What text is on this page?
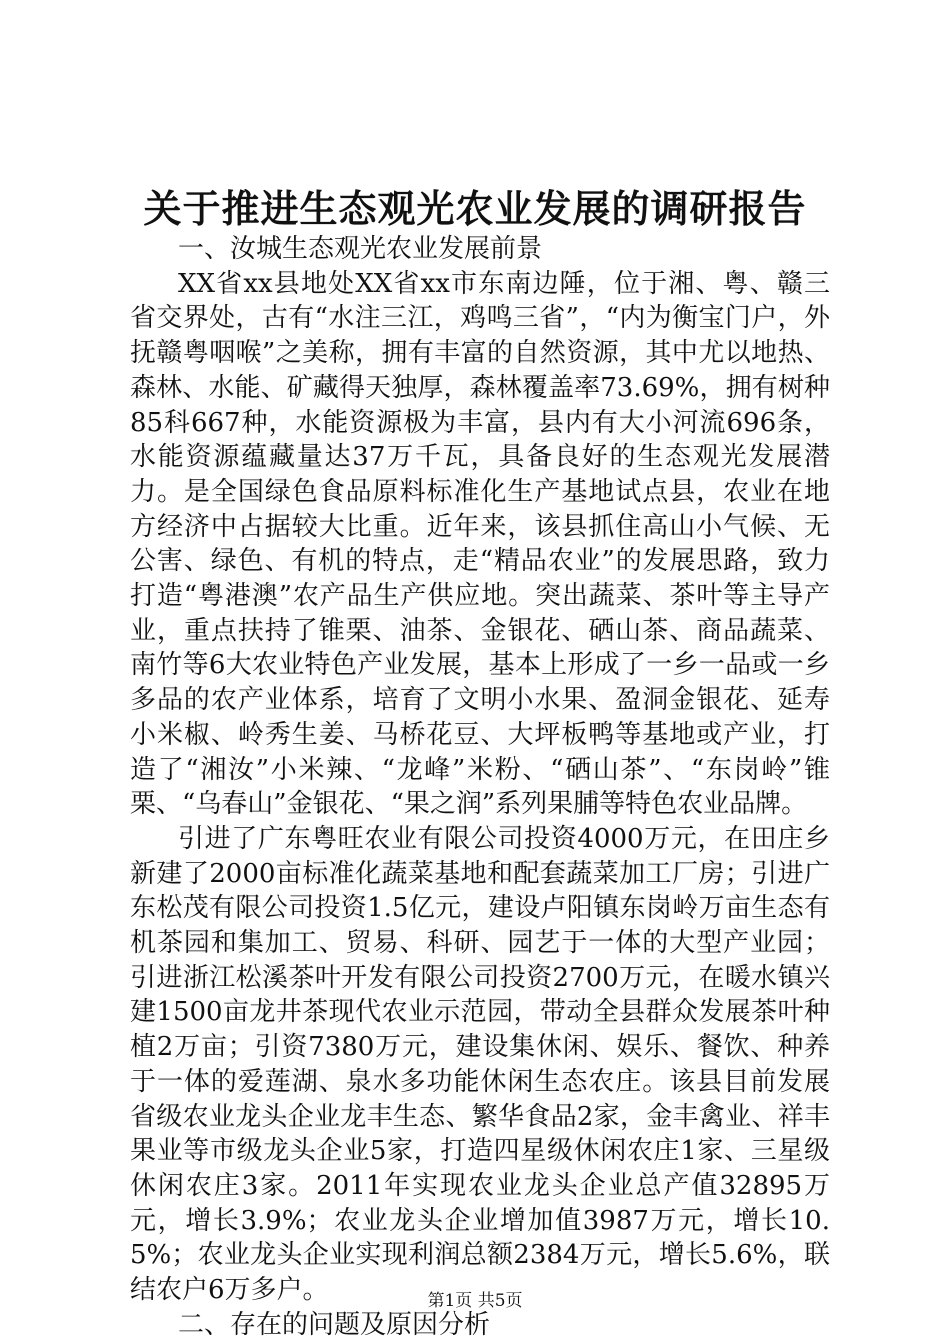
关于推进生态观光农业发展的调研报告
一、汝城生态观光农业发展前景

XX省xx县地处XX省xx市东南边陲，位于湘、粤、赣三省交界处，古有“水注三江，鸡鸣三省”，“内为衡宝门户，外抚赣粤咽喉”之美称，拥有丰富的自然资源，其中尤以地热、森林、水能、矿藏得天独厚，森林覆盖率73.69%，拥有树种85科667种，水能资源极为丰富，县内有大小河流696条，水能资源蕴藏量达37万千瓦，具备良好的生态观光发展潜力。是全国绿色食品原料标准化生产基地试点县，农业在地方经济中占据较大比重。近年来，该县抓住高山小气候、无公害、绿色、有机的特点，走“精品农业”的发展思路，致力打造“粤港澳”农产品生产供应地。突出蔬菜、茶叶等主导产业，重点扶持了锥栗、油茶、金银花、硒山茶、商品蔬菜、南竹等6大农业特色产业发展，基本上形成了一乡一品或一乡多品的农产业体系，培育了文明小水果、盈洞金银花、延寿小米椒、岭秀生姜、马桥花豆、大坪板鸭等基地或产业，打造了“湘汝”小米辣、“龙峰”米粉、“硒山茶”、“东岗岭”锥栗、“乌春山”金银花、“果之润”系列果脯等特色农业品牌。

引进了广东粤旺农业有限公司投资4000万元，在田庄乡新建了2000亩标准化蔬菜基地和配套蔬菜加工厂房；引进广东松茂有限公司投资1.5亿元，建设卢阳镇东岗岭万亩生态有机茶园和集加工、贸易、科研、园艺于一体的大型产业园；引进浙江松溪茶叶开发有限公司投资2700万元，在暖水镇兴建1500亩龙井茶现代农业示范园，带动全县群众发展茶叶种植2万亩；引资7380万元，建设集休闲、娱乐、餐饮、种养于一体的爱莲湖、泉水多功能休闲生态农庄。该县目前发展省级农业龙头企业龙丰生态、繁华食品2家，金丰禽业、祥丰果业等市级龙头企业5家，打造四星级休闲农庄1家、三星级休闲农庄3家。2011年实现农业龙头企业总产值32895万元，增长3.9%；农业龙头企业增加值3987万元，增长10.5%；农业龙头企业实现利润总额2384万元，增长5.6%，联结农户6万多户。

二、存在的问题及原因分析
第1页 共5页
